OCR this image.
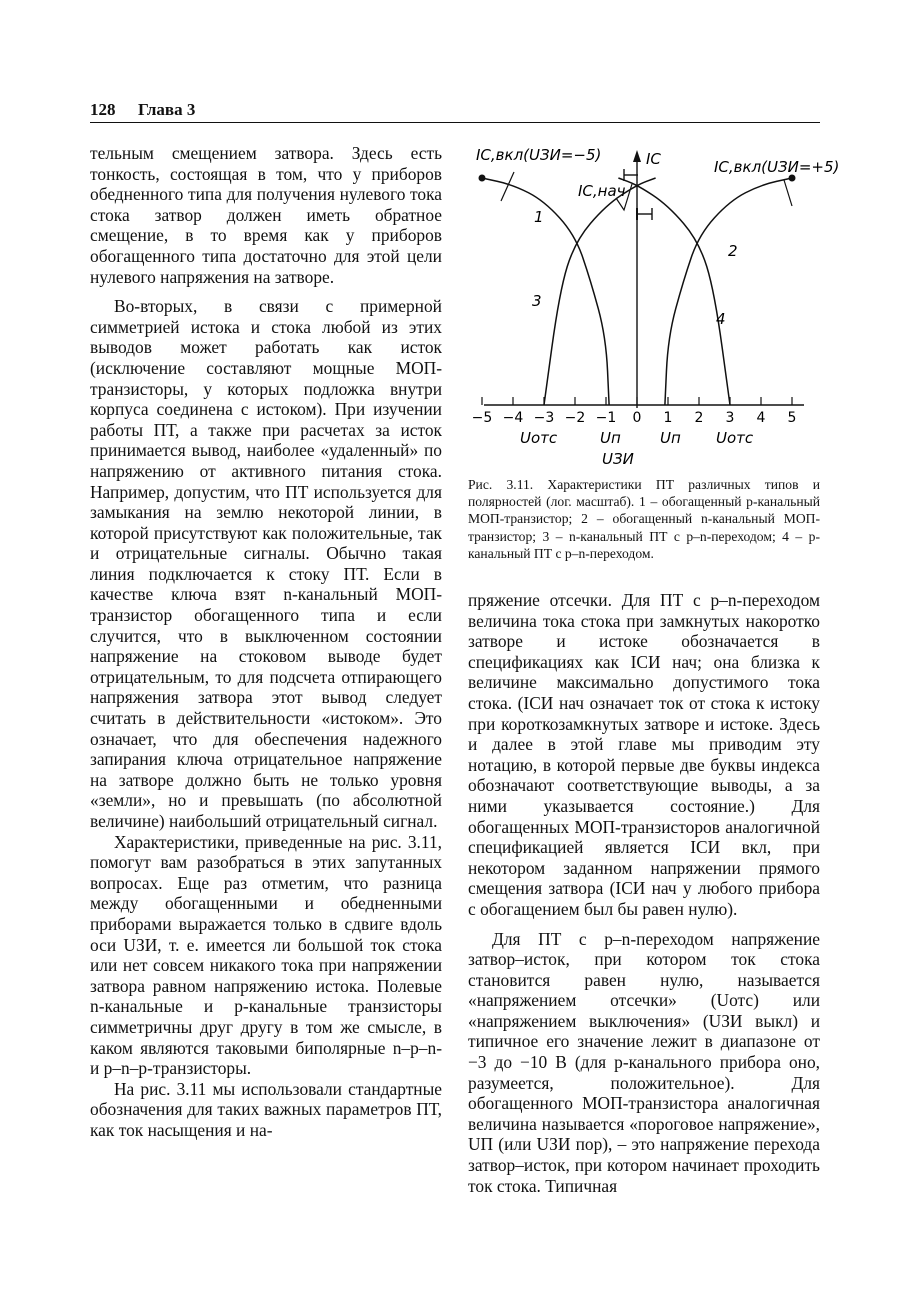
128 Глава 3

тельным смещением затвора. Здесь есть тонкость, состоящая в том, что у приборов обедненного типа для получения нулевого тока стока затвор должен иметь обратное смещение, в то время как у приборов обогащенного типа достаточно для этой цели нулевого напряжения на затворе.

Во-вторых, в связи с примерной симметрией истока и стока любой из этих выводов может работать как исток (исключение составляют мощные МОП-транзисторы, у которых подложка внутри корпуса соединена с истоком). При изучении работы ПТ, а также при расчетах за исток принимается вывод, наиболее «удаленный» по напряжению от активного питания стока. Например, допустим, что ПТ используется для замыкания на землю некоторой линии, в которой присутствуют как положительные, так и отрицательные сигналы. Обычно такая линия подключается к стоку ПТ. Если в качестве ключа взят n-канальный МОП-транзистор обогащенного типа и если случится, что в выключенном состоянии напряжение на стоковом выводе будет отрицательным, то для подсчета отпирающего напряжения затвора этот вывод следует считать в действительности «истоком». Это означает, что для обеспечения надежного запирания ключа отрицательное напряжение на затворе должно быть не только уровня «земли», но и превышать (по абсолютной величине) наибольший отрицательный сигнал.

Характеристики, приведенные на рис. 3.11, помогут вам разобраться в этих запутанных вопросах. Еще раз отметим, что разница между обогащенными и обедненными приборами выражается только в сдвиге вдоль оси UЗИ, т. е. имеется ли большой ток стока или нет совсем никакого тока при напряжении затвора равном напряжению истока. Полевые n-канальные и p-канальные транзисторы симметричны друг другу в том же смысле, в каком являются таковыми биполярные n–p–n- и p–n–p-транзисторы.

На рис. 3.11 мы использовали стандартные обозначения для таких важных параметров ПТ, как ток насыщения и на-

−5 −4 −3 −2 −1 0 1 2 3 4 5
1
2
3
4
IС
IС,вкл(UЗИ=−5)
IС,вкл(UЗИ=+5)
IС,нач
Uотс	Uп	Uп Uотс
UЗИ
Рис. 3.11. Характеристики ПТ различных типов и полярностей (лог. масштаб). 1 – обогащенный p-канальный МОП-транзистор; 2 – обогащенный n-канальный МОП-транзистор; 3 – n-канальный ПТ с p–n-переходом; 4 – p-канальный ПТ с p–n-переходом.

пряжение отсечки. Для ПТ с p–n-переходом величина тока стока при замкнутых накоротко затворе и истоке обозначается в спецификациях как IСИ нач; она близка к величине максимально допустимого тока стока. (IСИ нач означает ток от стока к истоку при короткозамкнутых затворе и истоке. Здесь и далее в этой главе мы приводим эту нотацию, в которой первые две буквы индекса обозначают соответствующие выводы, а за ними указывается состояние.) Для обогащенных МОП-транзисторов аналогичной спецификацией является IСИ вкл, при некотором заданном напряжении прямого смещения затвора (IСИ нач у любого прибора с обогащением был бы равен нулю).

Для ПТ с p–n-переходом напряжение затвор–исток, при котором ток стока становится равен нулю, называется «напряжением отсечки» (Uотс) или «напряжением выключения» (UЗИ выкл) и типичное его значение лежит в диапазоне от −3 до −10 В (для p-канального прибора оно, разумеется, положительное). Для обогащенного МОП-транзистора аналогичная величина называется «пороговое напряжение», UП (или UЗИ пор), – это напряжение перехода затвор–исток, при котором начинает проходить ток стока. Типичная
